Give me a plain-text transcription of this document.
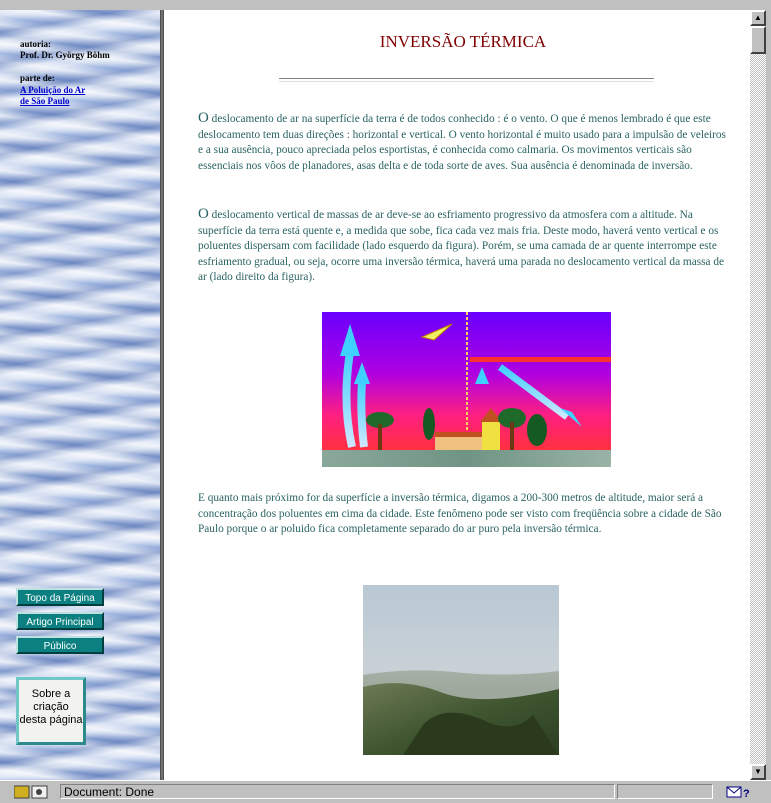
autoria:
Prof. Dr. György Böhm
parte de:
A Poluição do Ar
de São Paulo
Topo da Página
Artigo Principal
Público
Sobre a criação desta página
INVERSÃO TÉRMICA
O deslocamento de ar na superfície da terra é de todos conhecido : é o vento. O que é menos lembrado é que este deslocamento tem duas direções : horizontal e vertical. O vento horizontal é muito usado para a impulsão de veleiros e a sua ausência, pouco apreciada pelos esportistas, é conhecida como calmaria. Os movimentos verticais são essenciais nos vôos de planadores, asas delta e de toda sorte de aves. Sua ausência é denominada de inversão.
O deslocamento vertical de massas de ar deve-se ao esfriamento progressivo da atmosfera com a altitude. Na superfície da terra está quente e, a medida que sobe, fica cada vez mais fria. Deste modo, haverá vento vertical e os poluentes dispersam com facilidade (lado esquerdo da figura). Porém, se uma camada de ar quente interrompe este esfriamento gradual, ou seja, ocorre uma inversão térmica, haverá uma parada no deslocamento vertical da massa de ar (lado direito da figura).
E quanto mais próximo for da superfície a inversão térmica, digamos a 200-300 metros de altitude, maior será a concentração dos poluentes em cima da cidade. Este fenômeno pode ser visto com freqüência sobre a cidade de São Paulo porque o ar poluido fica completamente separado do ar puro pela inversão térmica.
▲
▼
Document: Done	?
